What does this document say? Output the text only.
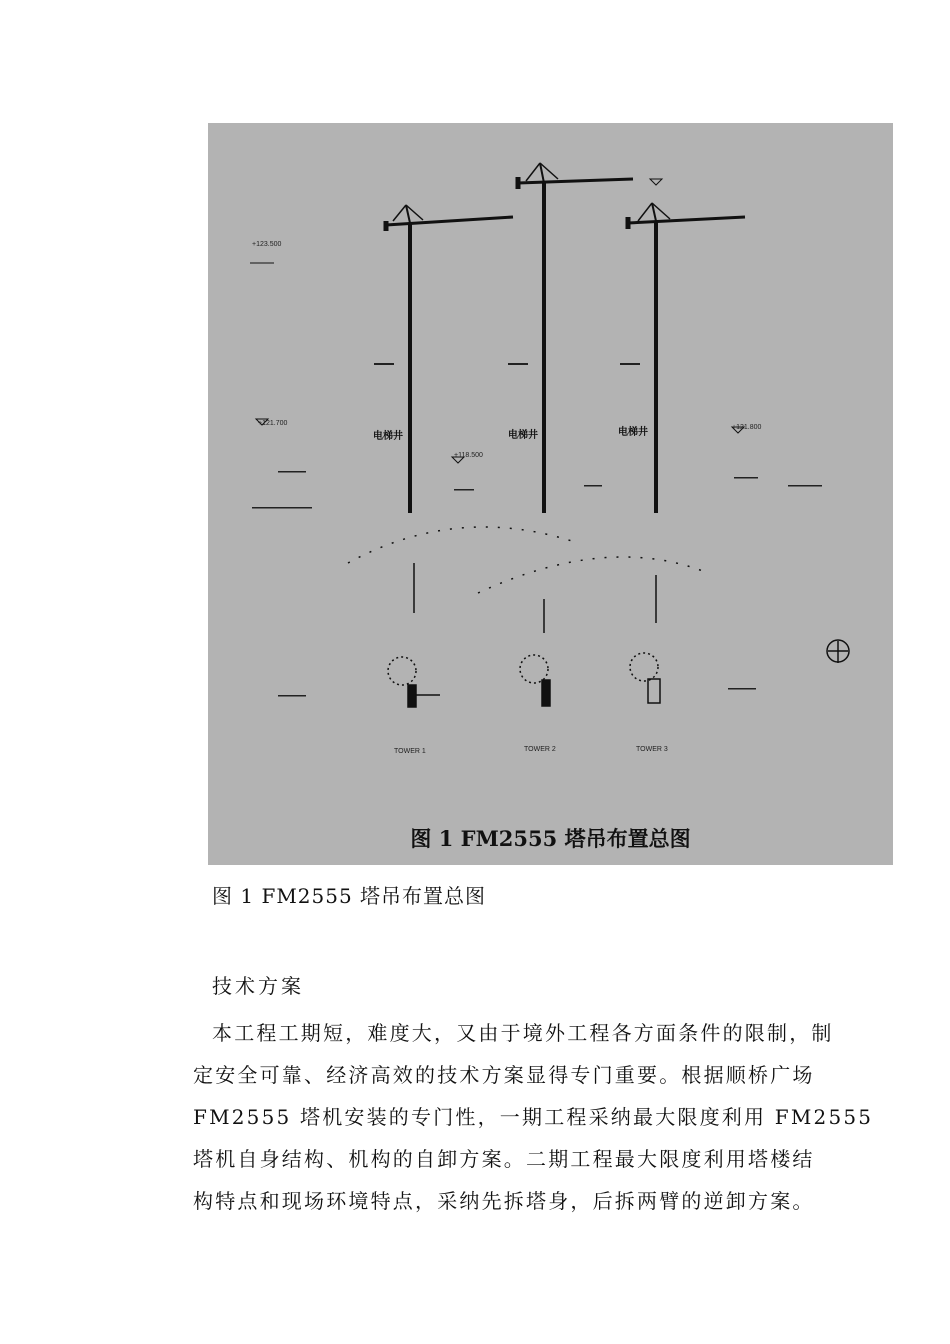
+123.500
+121.700
+118.500
+121.800
电梯井	电梯井	电梯井
TOWER 1	TOWER 2	TOWER 3
图 1 FM2555 塔吊布置总图
图 1 FM2555 塔吊布置总图
技术方案
本工程工期短，难度大，又由于境外工程各方面条件的限制，制
定安全可靠、经济高效的技术方案显得专门重要。根据顺桥广场
FM2555 塔机安装的专门性，一期工程采纳最大限度利用 FM2555
塔机自身结构、机构的自卸方案。二期工程最大限度利用塔楼结
构特点和现场环境特点，采纳先拆塔身，后拆两臂的逆卸方案。
